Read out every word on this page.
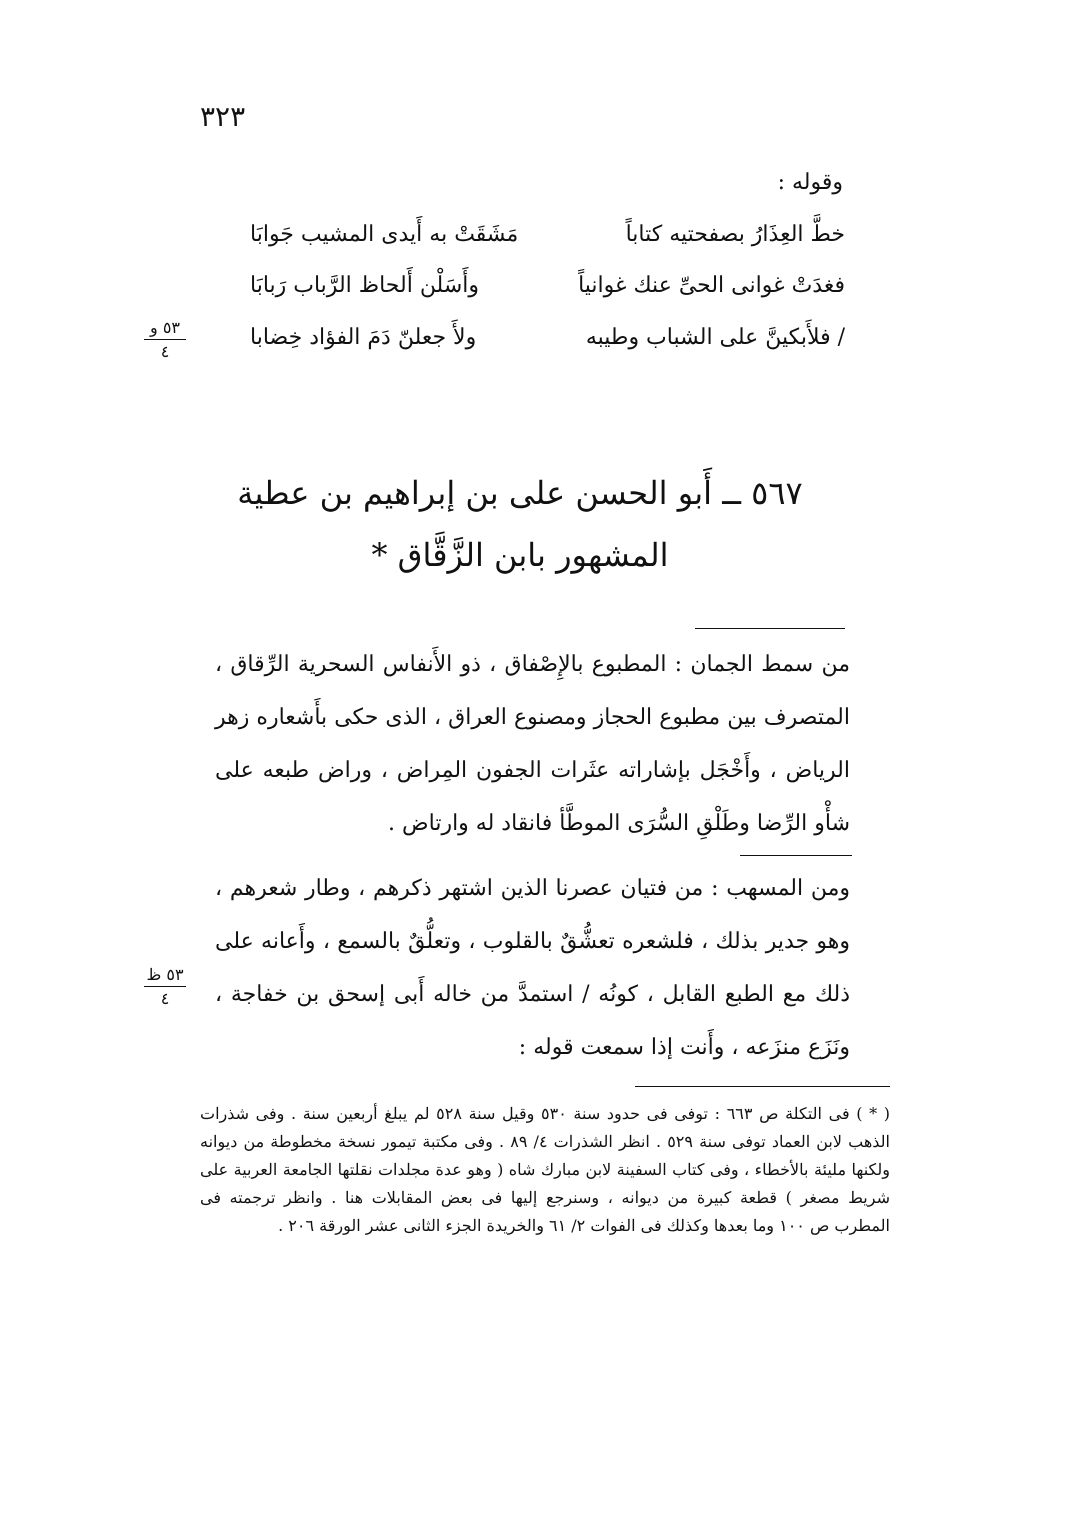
٣٢٣
وقوله :
خطَّ العِذَارُ بصفحتيه كتاباً
مَشَقَتْ به أَيدى المشيب جَوابَا
فغدَتْ غوانى الحىِّ عنك غوانياً
وأَسَلْن أَلحاظ الرَّباب رَبابَا
/ فلأَبكينَّ على الشباب وطيبه
ولأَ جعلنّ دَمَ الفؤاد خِضابا
٥٣ و
٤
٥٦٧ ــ أَبو الحسن على بن إبراهيم بن عطية
المشهور بابن الزَّقَّاق *
من سمط الجمان : المطبوع بالإِصْفاق ، ذو الأَنفاس السحرية الرِّقاق ، المتصرف بين مطبوع الحجاز ومصنوع العراق ، الذى حكى بأَشعاره زهر الرياض ، وأَخْجَل بإشاراته عثَرات الجفون المِراض ، وراض طبعه على شأْو الرِّضا وطَلْقِ السُّرَى الموطَّأ فانقاد له وارتاض .
ومن المسهب : من فتيان عصرنا الذين اشتهر ذكرهم ، وطار شعرهم ، وهو جدير بذلك ، فلشعره تعشُّقٌ بالقلوب ، وتعلُّقٌ بالسمع ، وأَعانه على ذلك مع الطبع القابل ، كونُه / استمدَّ من خاله أَبى إسحق بن خفاجة ، ونَزَع منزَعه ، وأَنت إذا سمعت قوله :
٥٣ ظ
٤
( * ) فى التكلة ص ٦٦٣ : توفى فى حدود سنة ٥٣٠ وقيل سنة ٥٢٨ لم يبلغ أربعين سنة . وفى شذرات الذهب لابن العماد توفى سنة ٥٢٩ . انظر الشذرات ٤/ ٨٩ . وفى مكتبة تيمور نسخة مخطوطة من ديوانه ولكنها مليئة بالأخطاء ، وفى كتاب السفينة لابن مبارك شاه ( وهو عدة مجلدات نقلتها الجامعة العربية على شريط مصغر ) قطعة كبيرة من ديوانه ، وسنرجع إليها فى بعض المقابلات هنا . وانظر ترجمته فى المطرب ص ١٠٠ وما بعدها وكذلك فى الفوات ٢/ ٦١ والخريدة الجزء الثانى عشر الورقة ٢٠٦ .
